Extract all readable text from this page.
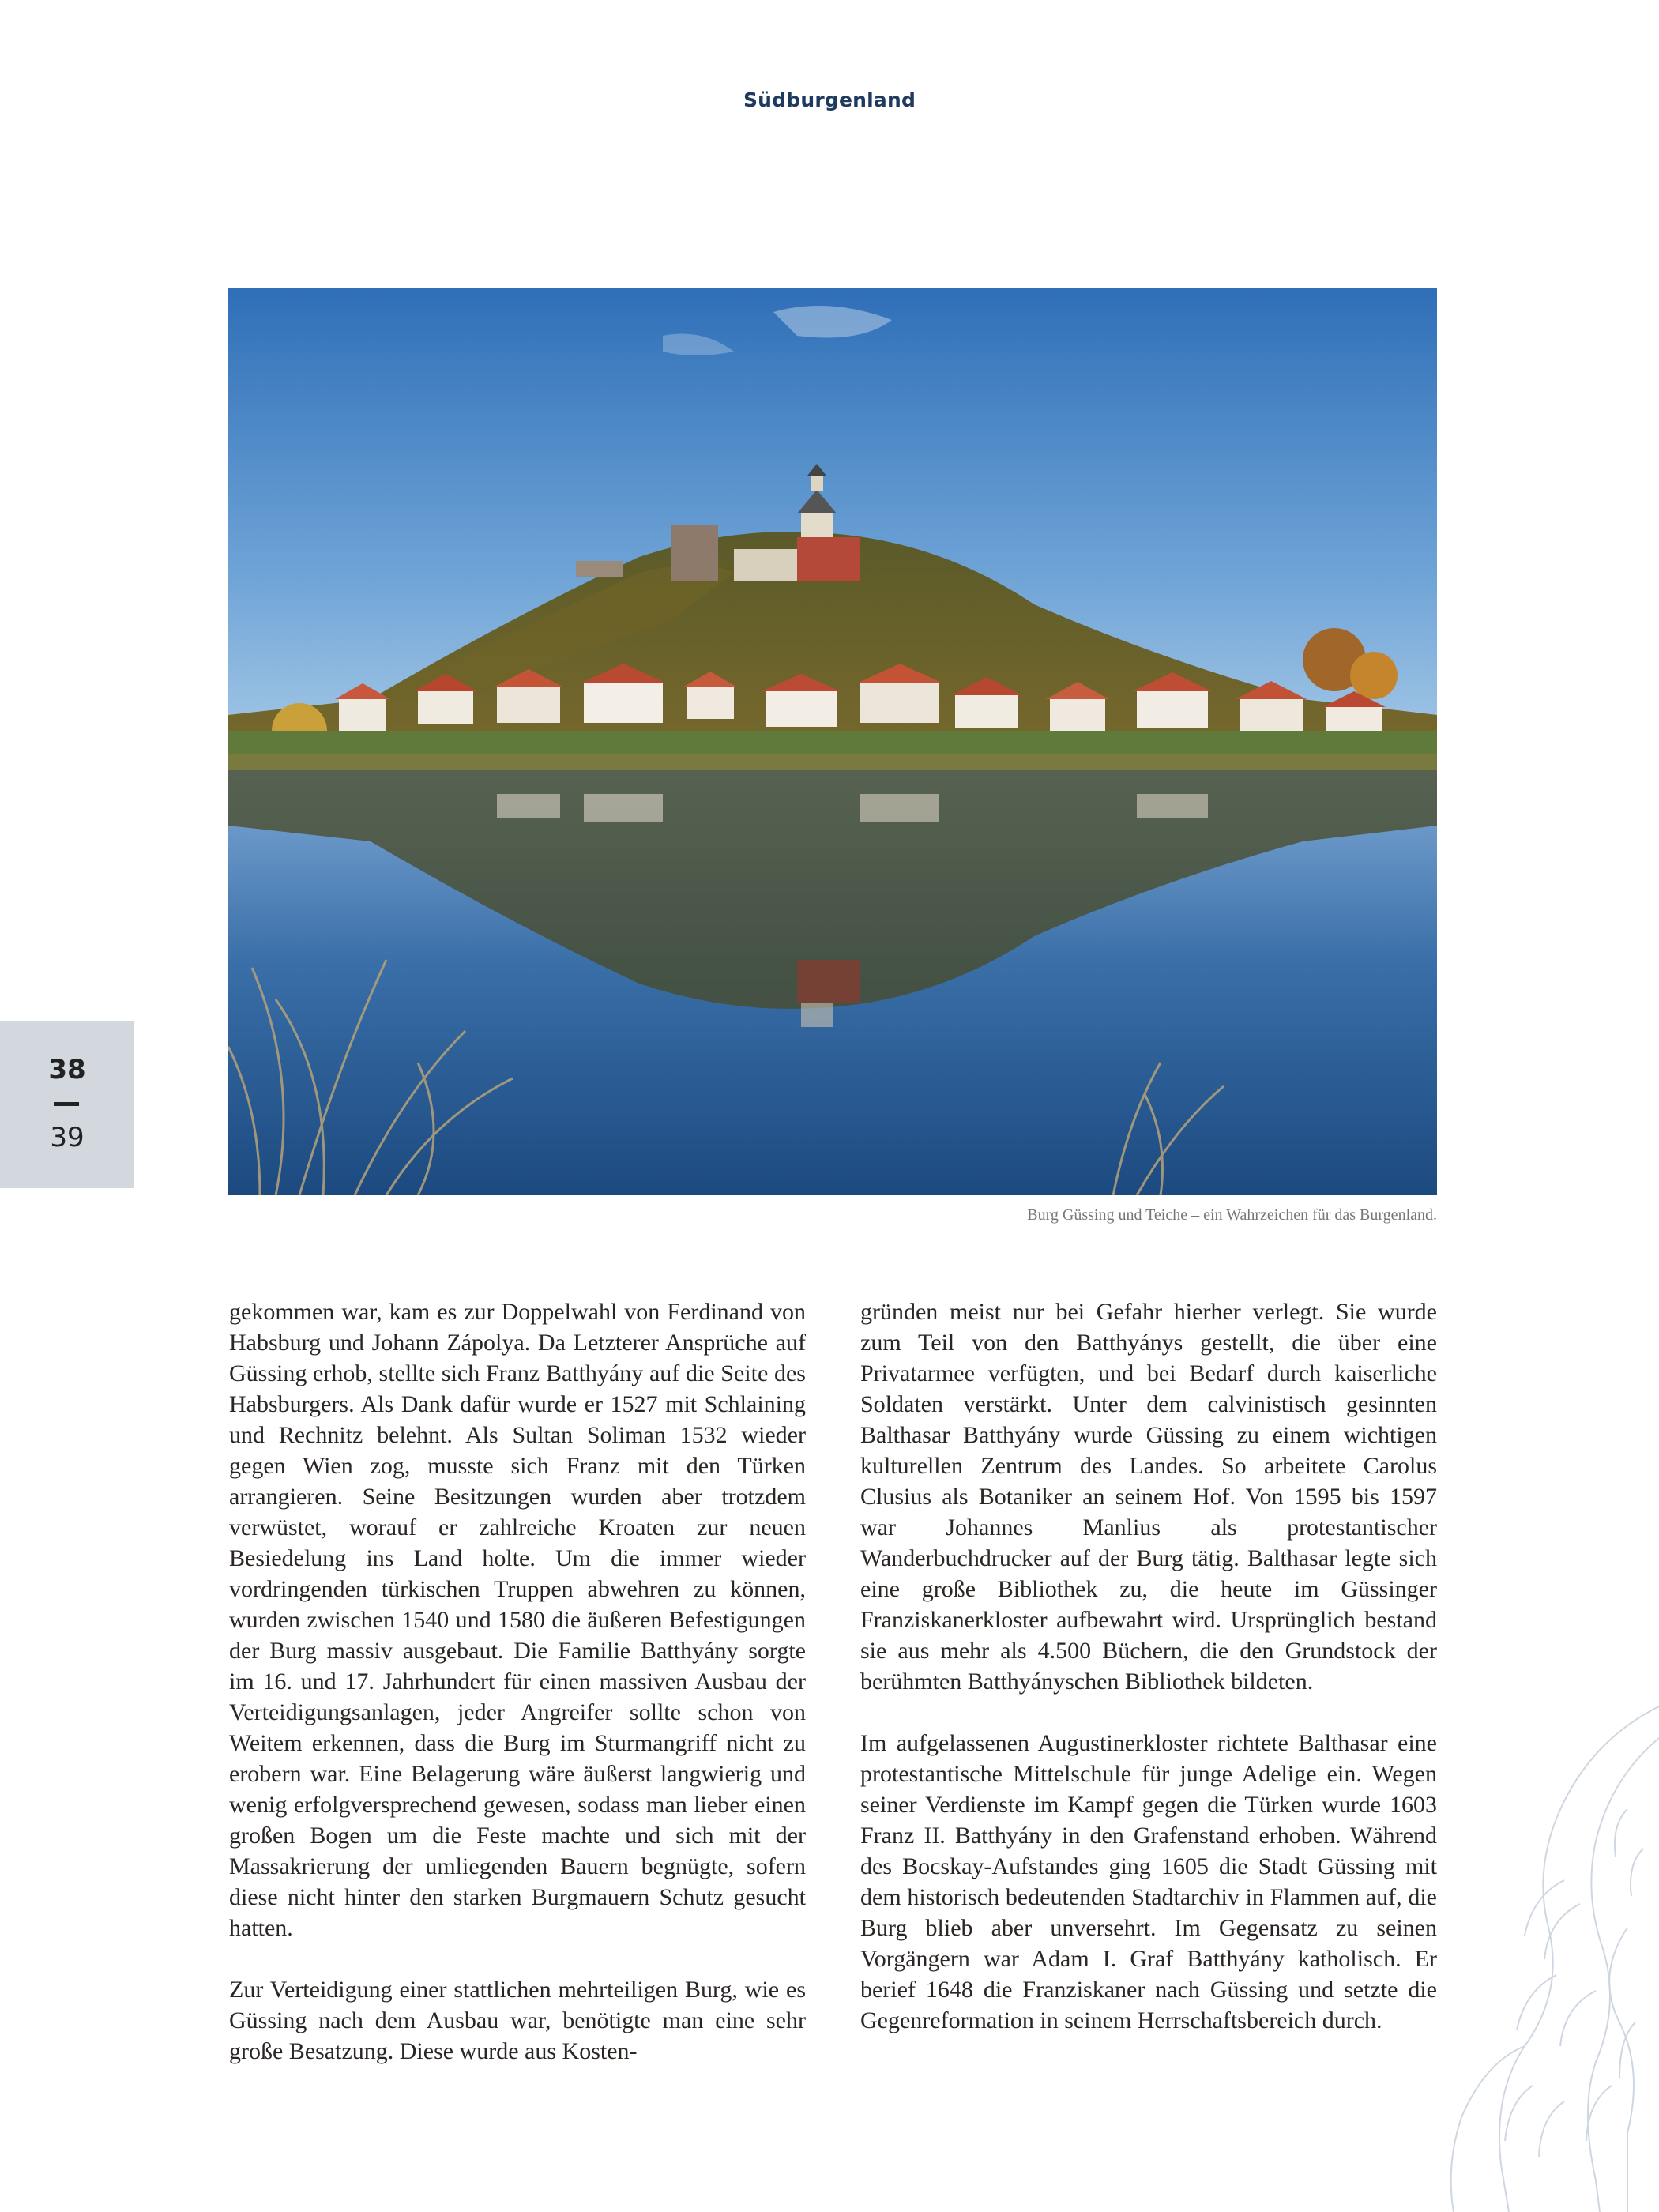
Südburgenland
Burg Güssing und Teiche – ein Wahrzeichen für das Burgenland.
38
39

gekommen war, kam es zur Doppelwahl von Ferdinand von Habsburg und Johann Zápolya. Da Letzterer Ansprüche auf Güssing erhob, stellte sich Franz Batthyány auf die Seite des Habsburgers. Als Dank dafür wurde er 1527 mit Schlaining und Rechnitz belehnt. Als Sultan Soliman 1532 wieder gegen Wien zog, musste sich Franz mit den Türken arrangieren. Seine Besitzungen wurden aber trotzdem verwüstet, worauf er zahlreiche Kroaten zur neuen Besiedelung ins Land holte. Um die immer wieder vordringenden türkischen Truppen abwehren zu können, wurden zwischen 1540 und 1580 die äußeren Befestigungen der Burg massiv ausgebaut. Die Familie Batthyány sorgte im 16. und 17. Jahrhundert für einen massiven Ausbau der Verteidigungsanlagen, jeder Angreifer sollte schon von Weitem erkennen, dass die Burg im Sturmangriff nicht zu erobern war. Eine Belagerung wäre äußerst langwierig und wenig erfolgversprechend gewesen, sodass man lieber einen großen Bogen um die Feste machte und sich mit der Massakrierung der umliegenden Bauern begnügte, sofern diese nicht hinter den starken Burgmauern Schutz gesucht hatten.

Zur Verteidigung einer stattlichen mehrteiligen Burg, wie es Güssing nach dem Ausbau war, benötigte man eine sehr große Besatzung. Diese wurde aus Kosten-

gründen meist nur bei Gefahr hierher verlegt. Sie wurde zum Teil von den Batthyánys gestellt, die über eine Privatarmee verfügten, und bei Bedarf durch kaiserliche Soldaten verstärkt. Unter dem calvinistisch gesinnten Balthasar Batthyány wurde Güssing zu einem wichtigen kulturellen Zentrum des Landes. So arbeitete Carolus Clusius als Botaniker an seinem Hof. Von 1595 bis 1597 war Johannes Manlius als protestantischer Wanderbuchdrucker auf der Burg tätig. Balthasar legte sich eine große Bibliothek zu, die heute im Güssinger Franziskanerkloster aufbewahrt wird. Ursprünglich bestand sie aus mehr als 4.500 Büchern, die den Grundstock der berühmten Batthyányschen Bibliothek bildeten.

Im aufgelassenen Augustinerkloster richtete Balthasar eine protestantische Mittelschule für junge Adelige ein. Wegen seiner Verdienste im Kampf gegen die Türken wurde 1603 Franz II. Batthyány in den Grafenstand erhoben. Während des Bocskay-Aufstandes ging 1605 die Stadt Güssing mit dem historisch bedeutenden Stadtarchiv in Flammen auf, die Burg blieb aber unversehrt. Im Gegensatz zu seinen Vorgängern war Adam I. Graf Batthyány katholisch. Er berief 1648 die Franziskaner nach Güssing und setzte die Gegenreformation in seinem Herrschaftsbereich durch.
